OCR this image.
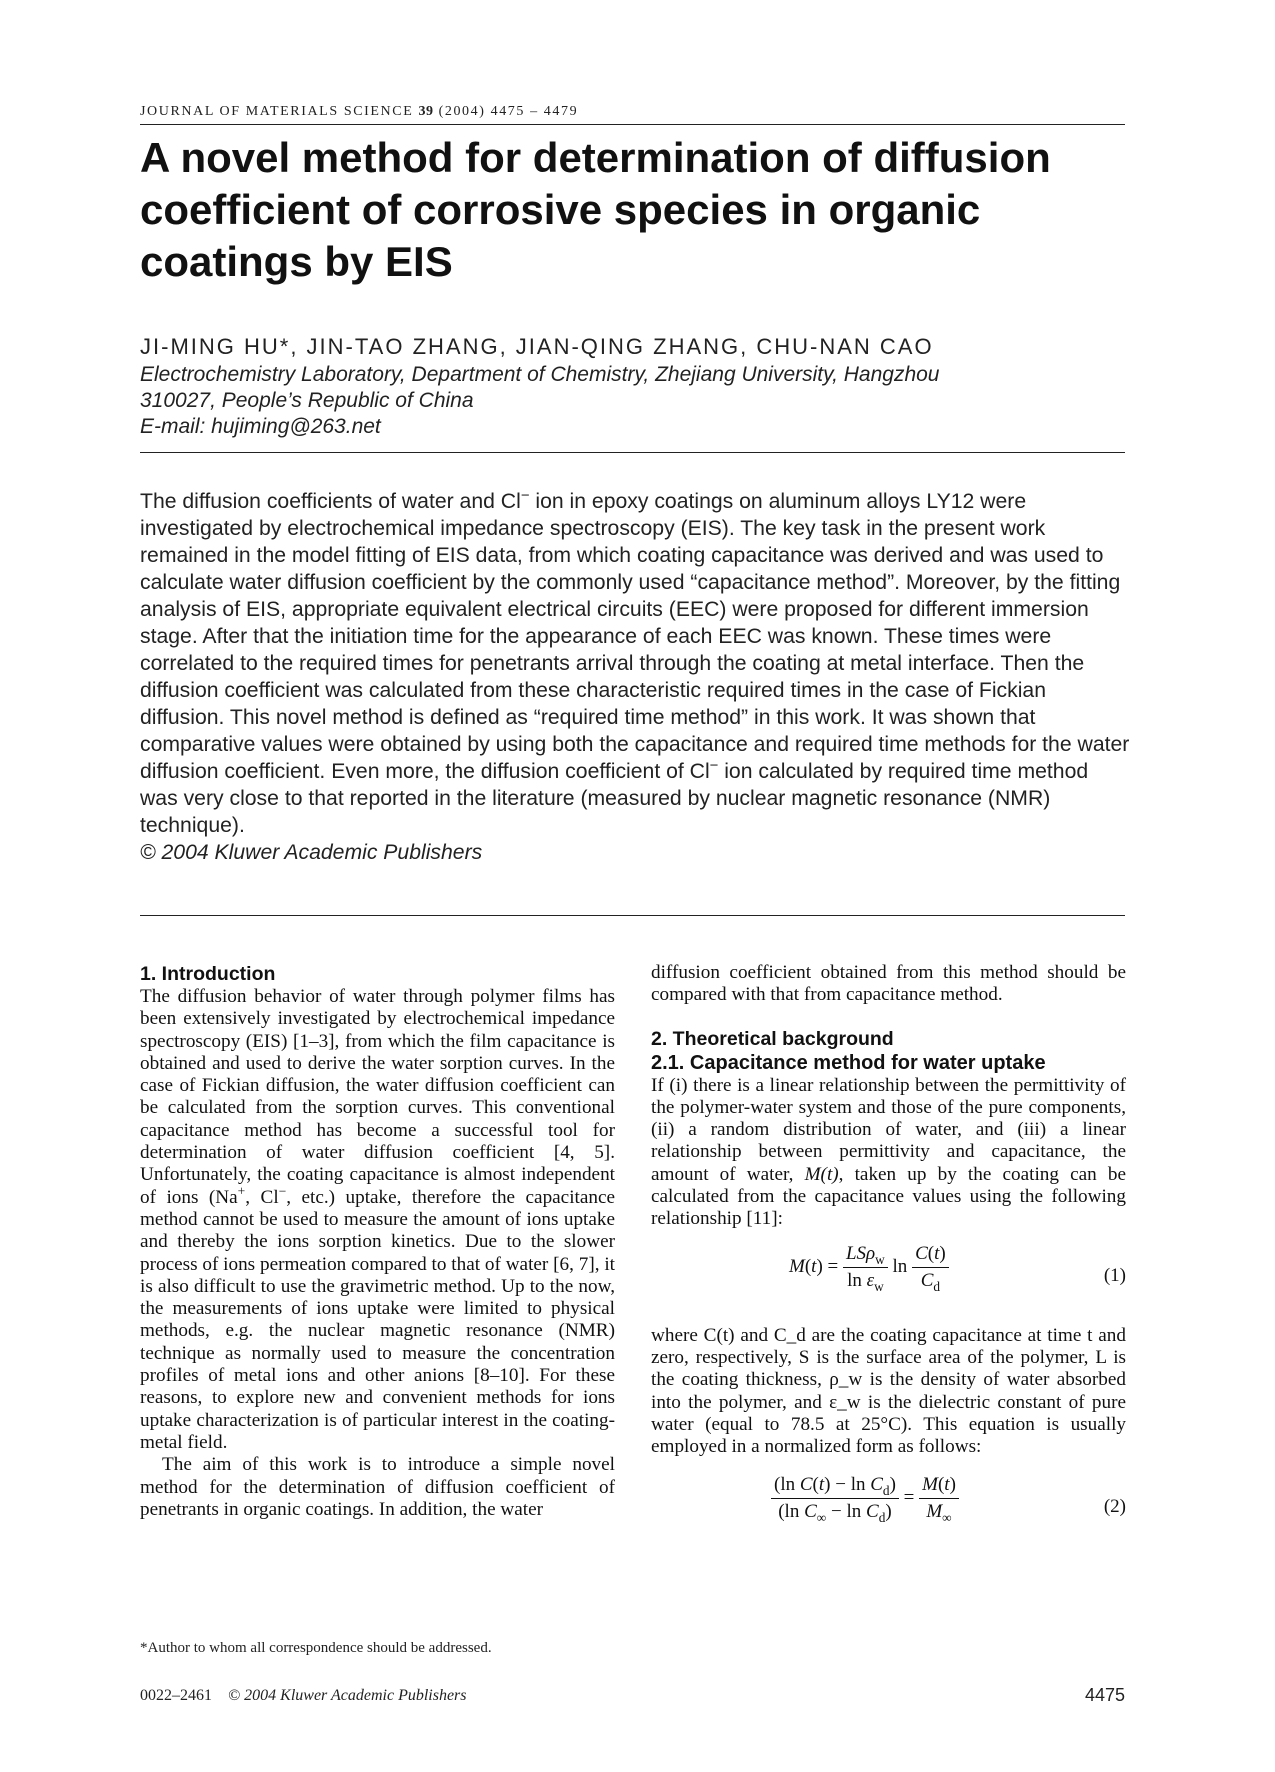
JOURNAL OF MATERIALS SCIENCE 39 (2004) 4475 – 4479
A novel method for determination of diffusion coefficient of corrosive species in organic coatings by EIS
JI-MING HU*, JIN-TAO ZHANG, JIAN-QING ZHANG, CHU-NAN CAO
Electrochemistry Laboratory, Department of Chemistry, Zhejiang University, Hangzhou
310027, People’s Republic of China
E-mail: hujiming@263.net

The diffusion coefficients of water and Cl− ion in epoxy coatings on aluminum alloys LY12 were investigated by electrochemical impedance spectroscopy (EIS). The key task in the present work remained in the model fitting of EIS data, from which coating capacitance was derived and was used to calculate water diffusion coefficient by the commonly used “capacitance method”. Moreover, by the fitting analysis of EIS, appropriate equivalent electrical circuits (EEC) were proposed for different immersion stage. After that the initiation time for the appearance of each EEC was known. These times were correlated to the required times for penetrants arrival through the coating at metal interface. Then the diffusion coefficient was calculated from these characteristic required times in the case of Fickian diffusion. This novel method is defined as “required time method” in this work. It was shown that comparative values were obtained by using both the capacitance and required time methods for the water diffusion coefficient. Even more, the diffusion coefficient of Cl− ion calculated by required time method was very close to that reported in the literature (measured by nuclear magnetic resonance (NMR) technique).
© 2004 Kluwer Academic Publishers

1. Introduction

The diffusion behavior of water through polymer films has been extensively investigated by electrochemical impedance spectroscopy (EIS) [1–3], from which the film capacitance is obtained and used to derive the water sorption curves. In the case of Fickian diffusion, the water diffusion coefficient can be calculated from the sorption curves. This conventional capacitance method has become a successful tool for determination of water diffusion coefficient [4, 5]. Unfortunately, the coating capacitance is almost independent of ions (Na+, Cl−, etc.) uptake, therefore the capacitance method cannot be used to measure the amount of ions uptake and thereby the ions sorption kinetics. Due to the slower process of ions permeation compared to that of water [6, 7], it is also difficult to use the gravimetric method. Up to the now, the measurements of ions uptake were limited to physical methods, e.g. the nuclear magnetic resonance (NMR) technique as normally used to measure the concentration profiles of metal ions and other anions [8–10]. For these reasons, to explore new and convenient methods for ions uptake characterization is of particular interest in the coating-metal field.

The aim of this work is to introduce a simple novel method for the determination of diffusion coefficient of penetrants in organic coatings. In addition, the water

diffusion coefficient obtained from this method should be compared with that from capacitance method.

2. Theoretical background
2.1. Capacitance method for water uptake

If (i) there is a linear relationship between the permittivity of the polymer-water system and those of the pure components, (ii) a random distribution of water, and (iii) a linear relationship between permittivity and capacitance, the amount of water, M(t), taken up by the coating can be calculated from the capacitance values using the following relationship [11]:

$M(t) = \frac{LS\rho_w}{\ln \varepsilon_w}$ $\ln \frac{C(t)}{C_d}$	(1)

where C(t) and C_d are the coating capacitance at time t and zero, respectively, S is the surface area of the polymer, L is the coating thickness, ρ_w is the density of water absorbed into the polymer, and ε_w is the dielectric constant of pure water (equal to 78.5 at 25°C). This equation is usually employed in a normalized form as follows:

$\frac{(\ln C(t) - \ln C_d)}{(\ln C_\infty - \ln C_d)} = \frac{M(t)}{M_\infty}$	(2)
*Author to whom all correspondence should be addressed.
0022–2461 © 2004 Kluwer Academic Publishers	4475
